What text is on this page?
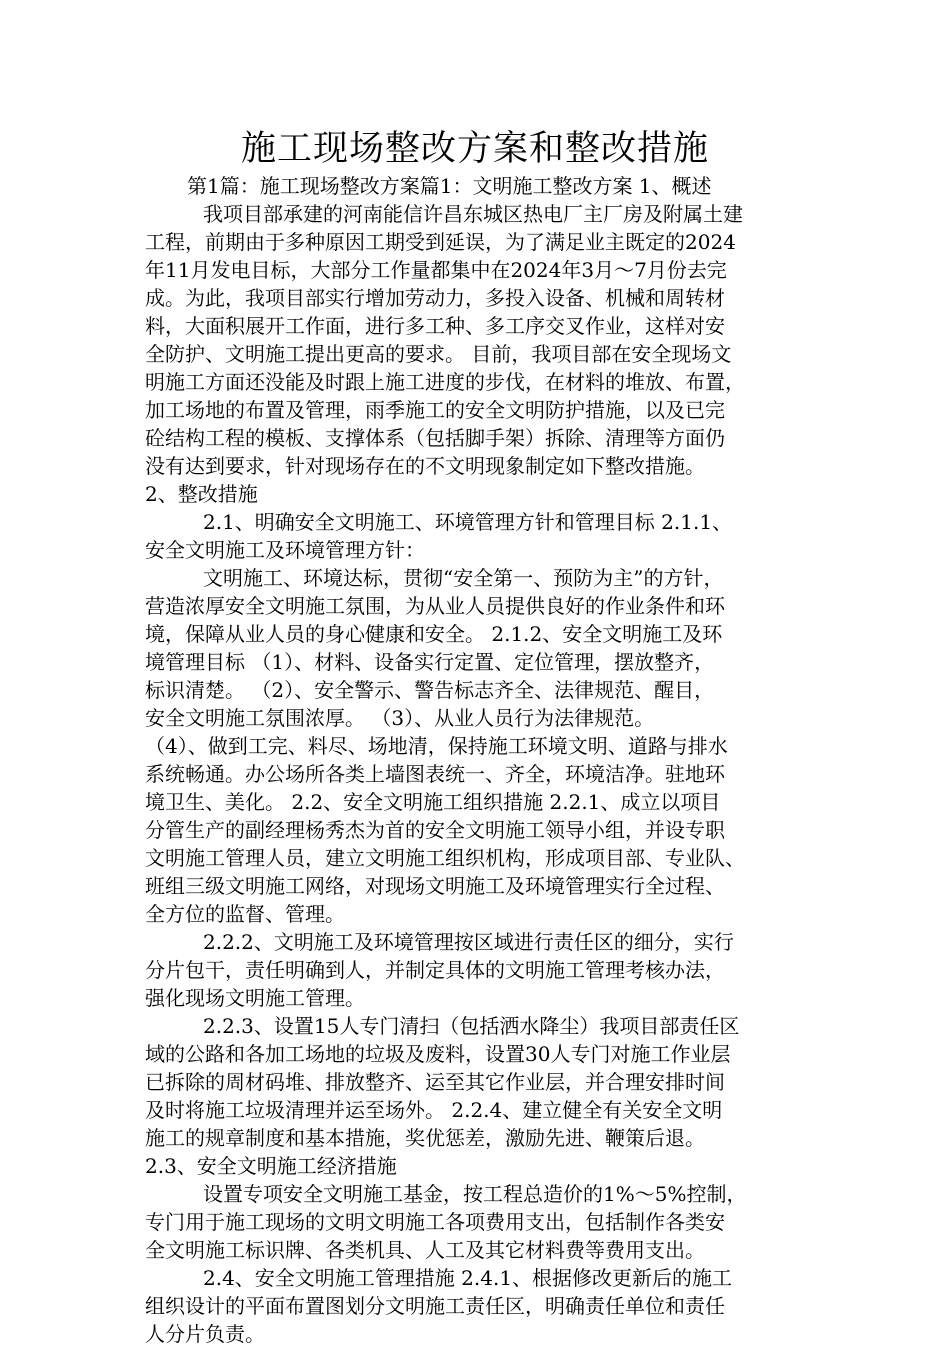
施工现场整改方案和整改措施
第1篇：施工现场整改方案篇1：文明施工整改方案 1、概述
我项目部承建的河南能信许昌东城区热电厂主厂房及附属土建
工程，前期由于多种原因工期受到延误，为了满足业主既定的2024
年11月发电目标，大部分工作量都集中在2024年3月～7月份去完
成。为此，我项目部实行增加劳动力，多投入设备、机械和周转材
料，大面积展开工作面，进行多工种、多工序交叉作业，这样对安
全防护、文明施工提出更高的要求。 目前，我项目部在安全现场文
明施工方面还没能及时跟上施工进度的步伐，在材料的堆放、布置，
加工场地的布置及管理，雨季施工的安全文明防护措施，以及已完
砼结构工程的模板、支撑体系（包括脚手架）拆除、清理等方面仍
没有达到要求，针对现场存在的不文明现象制定如下整改措施。
2、整改措施
2.1、明确安全文明施工、环境管理方针和管理目标 2.1.1、
安全文明施工及环境管理方针：
文明施工、环境达标，贯彻“安全第一、预防为主”的方针，
营造浓厚安全文明施工氛围，为从业人员提供良好的作业条件和环
境，保障从业人员的身心健康和安全。 2.1.2、安全文明施工及环
境管理目标 （1）、材料、设备实行定置、定位管理，摆放整齐，
标识清楚。 （2）、安全警示、警告标志齐全、法律规范、醒目，
安全文明施工氛围浓厚。 （3）、从业人员行为法律规范。
（4）、做到工完、料尽、场地清，保持施工环境文明、道路与排水
系统畅通。办公场所各类上墙图表统一、齐全，环境洁净。驻地环
境卫生、美化。 2.2、安全文明施工组织措施 2.2.1、成立以项目
分管生产的副经理杨秀杰为首的安全文明施工领导小组，并设专职
文明施工管理人员，建立文明施工组织机构，形成项目部、专业队、
班组三级文明施工网络，对现场文明施工及环境管理实行全过程、
全方位的监督、管理。
2.2.2、文明施工及环境管理按区域进行责任区的细分，实行
分片包干，责任明确到人，并制定具体的文明施工管理考核办法，
强化现场文明施工管理。
2.2.3、设置15人专门清扫（包括洒水降尘）我项目部责任区
域的公路和各加工场地的垃圾及废料，设置30人专门对施工作业层
已拆除的周材码堆、排放整齐、运至其它作业层，并合理安排时间
及时将施工垃圾清理并运至场外。 2.2.4、建立健全有关安全文明
施工的规章制度和基本措施，奖优惩差，激励先进、鞭策后退。
2.3、安全文明施工经济措施
设置专项安全文明施工基金，按工程总造价的1%～5%控制，
专门用于施工现场的文明文明施工各项费用支出，包括制作各类安
全文明施工标识牌、各类机具、人工及其它材料费等费用支出。
2.4、安全文明施工管理措施 2.4.1、根据修改更新后的施工
组织设计的平面布置图划分文明施工责任区，明确责任单位和责任
人分片负责。
